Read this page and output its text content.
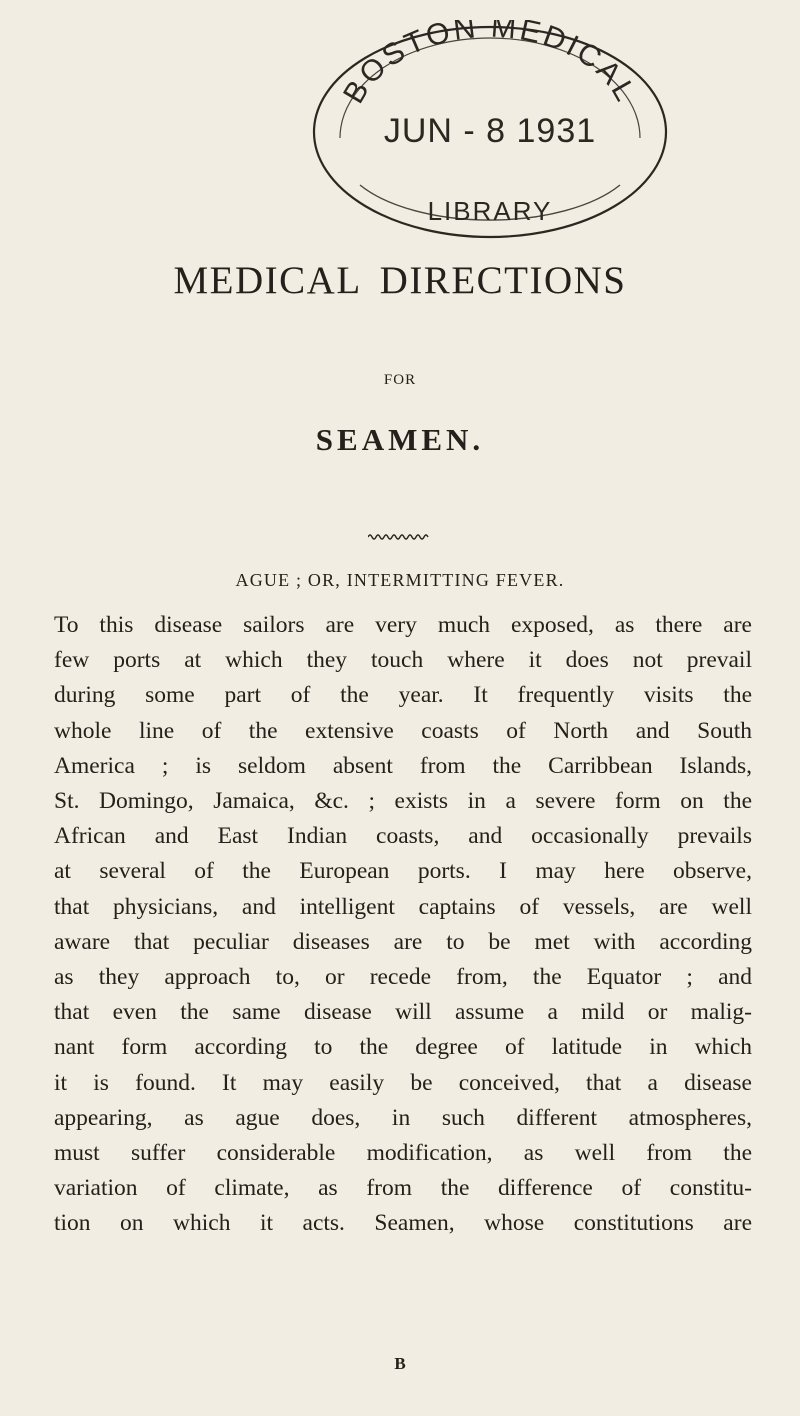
BOSTON MEDICAL
JUN - 8 1931
LIBRARY
MEDICAL DIRECTIONS
FOR
SEAMEN.
AGUE ; OR, INTERMITTING FEVER.
To this disease sailors are very much exposed, as there are
few ports at which they touch where it does not prevail
during some part of the year. It frequently visits the
whole line of the extensive coasts of North and South
America ; is seldom absent from the Carribbean Islands,
St. Domingo, Jamaica, &c. ; exists in a severe form on the
African and East Indian coasts, and occasionally prevails
at several of the European ports. I may here observe,
that physicians, and intelligent captains of vessels, are well
aware that peculiar diseases are to be met with according
as they approach to, or recede from, the Equator ; and
that even the same disease will assume a mild or malig-
nant form according to the degree of latitude in which
it is found. It may easily be conceived, that a disease
appearing, as ague does, in such different atmospheres,
must suffer considerable modification, as well from the
variation of climate, as from the difference of constitu-
tion on which it acts. Seamen, whose constitutions are
B
